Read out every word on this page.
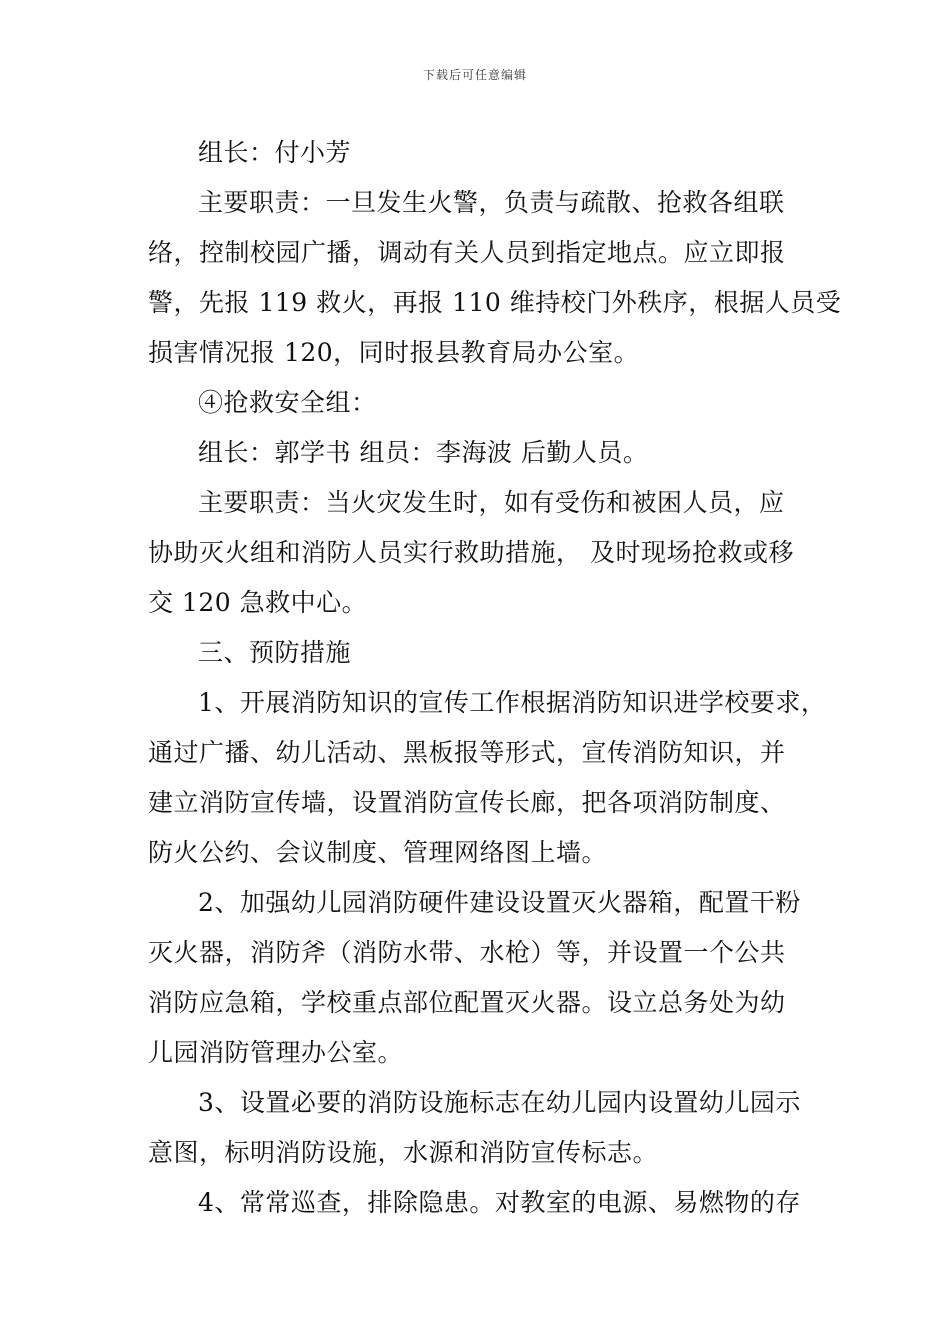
下载后可任意编辑
组长：付小芳
主要职责：一旦发生火警，负责与疏散、抢救各组联
络，控制校园广播，调动有关人员到指定地点。应立即报
警，先报 119 救火，再报 110 维持校门外秩序，根据人员受
损害情况报 120，同时报县教育局办公室。
④抢救安全组：
组长：郭学书 组员：李海波 后勤人员。
主要职责：当火灾发生时，如有受伤和被困人员，应
协助灭火组和消防人员实行救助措施， 及时现场抢救或移
交 120 急救中心。
三、预防措施
1、开展消防知识的宣传工作根据消防知识进学校要求，
通过广播、幼儿活动、黑板报等形式，宣传消防知识，并
建立消防宣传墙，设置消防宣传长廊，把各项消防制度、
防火公约、会议制度、管理网络图上墙。
2、加强幼儿园消防硬件建设设置灭火器箱，配置干粉
灭火器，消防斧（消防水带、水枪）等，并设置一个公共
消防应急箱，学校重点部位配置灭火器。设立总务处为幼
儿园消防管理办公室。
3、设置必要的消防设施标志在幼儿园内设置幼儿园示
意图，标明消防设施，水源和消防宣传标志。
4、常常巡查，排除隐患。对教室的电源、易燃物的存
